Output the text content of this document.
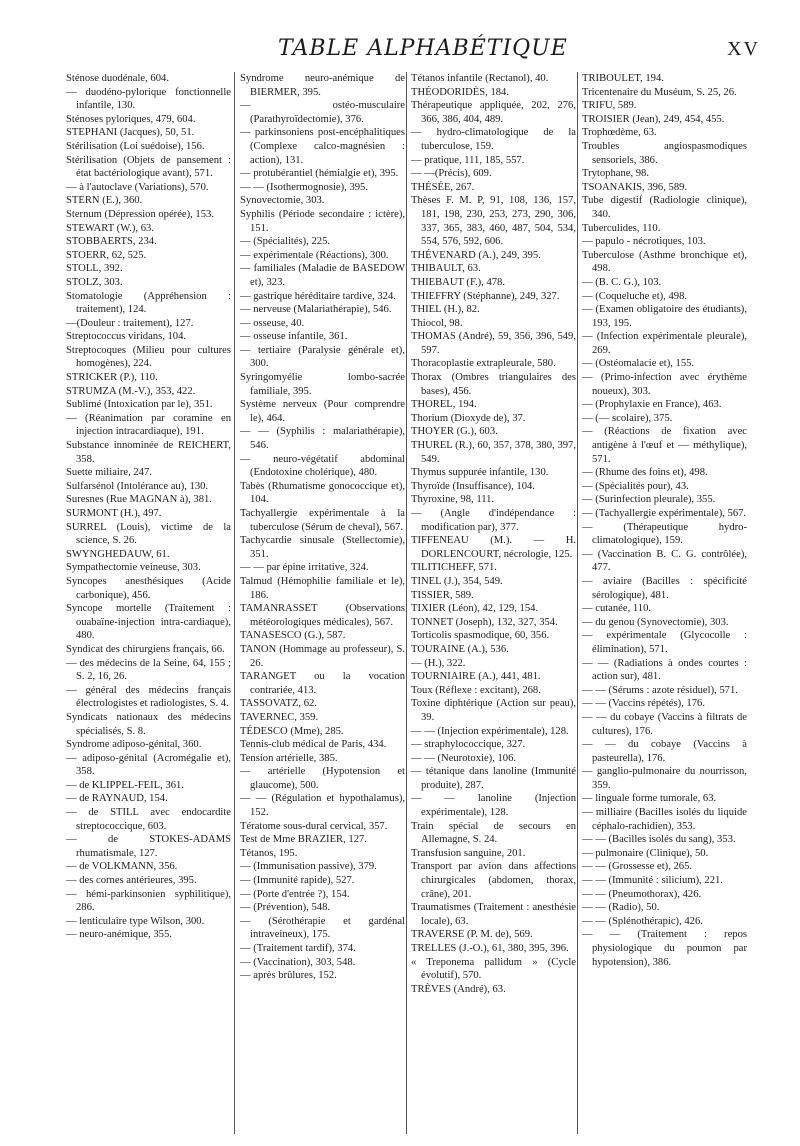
TABLE ALPHABÉTIQUE	XV

Sténose duodénale, 604.

— duodéno-pylorique fonctionnelle infantile, 130.

Sténoses pyloriques, 479, 604.

STEPHANI (Jacques), 50, 51.

Stérilisation (Loi suédoise), 156.

Stérilisation (Objets de pansement : état bactériologique avant), 571.

— à l'autoclave (Variations), 570.

STERN (E.), 360.

Sternum (Dépression opérée), 153.

STEWART (W.), 63.

STOBBAERTS, 234.

STOERR, 62, 525.

STOLL, 392.

STOLZ, 303.

Stomatologie (Appréhension : traitement), 124.

—(Douleur : traitement), 127.

Streptococcus viridans, 104.

Streptocoques (Milieu pour cultures homogènes), 224.

STRICKER (P.), 110.

STRUMZA (M.-V.), 353, 422.

Sublimé (Intoxication par le), 351.

— (Réanimation par coramine en injection intracardiaque), 191.

Substance innominée de REICHERT, 358.

Suette miliaire, 247.

Sulfarsénol (Intolérance au), 130.

Suresnes (Rue MAGNAN à), 381.

SURMONT (H.), 497.

SURREL (Louis), victime de la science, S. 26.

SWYNGHEDAUW, 61.

Sympathectomie veineuse, 303.

Syncopes anesthésiques (Acide carbonique), 456.

Syncope mortelle (Traitement : ouabaïne-injection intra-cardiaque), 480.

Syndicat des chirurgiens français, 66.

— des médecins de la Seine, 64, 155 ; S. 2, 16, 26.

— général des médecins français électrologistes et radiologistes, S. 4.

Syndicats nationaux des médecins spécialisés, S. 8.

Syndrome adiposo-génital, 360.

— adiposo-génital (Acromégalie et), 358.

— de KLIPPEL-FEIL, 361.

— de RAYNAUD, 154.

— de STILL avec endocardite streptococcique, 603.

— de STOKES-ADAMS rhumatismale, 127.

— de VOLKMANN, 356.

— des cornes antérieures, 395.

— hémi-parkinsonien syphilitique), 286.

— lenticulaire type Wilson, 300.

— neuro-anémique, 355.

Syndrome neuro-anémique de BIERMER, 395.

— ostéo-musculaire (Parathyroïdectomie), 376.

— parkinsoniens post-encéphalitiques (Complexe calco-magnésien : action), 131.

— protubérantiel (hémialgie et), 395.

— — (Isothermognosie), 395.

Synovectomie, 303.

Syphilis (Période secondaire : ictère), 151.

— (Spécialités), 225.

— expérimentale (Réactions), 300.

— familiales (Maladie de BASEDOW et), 323.

— gastrique héréditaire tardive, 324.

— nerveuse (Malariathérapie), 546.

— osseuse, 40.

— osseuse infantile, 361.

— tertiaire (Paralysie générale et), 300.

Syringomyélie lombo-sacrée familiale, 395.

Système nerveux (Pour comprendre le), 464.

— — (Syphilis : malariathérapie), 546.

— neuro-végétatif abdominal (Endotoxine cholérique), 480.

Tabès (Rhumatisme gonococcique et), 104.

Tachyallergie expérimentale à la tuberculose (Sérum de cheval), 567.

Tachycardie sinusale (Stellectomie), 351.

— — par épine irritative, 324.

Talmud (Hémophilie familiale et le), 186.

TAMANRASSET (Observations météorologiques médicales), 567.

TANASESCO (G.), 587.

TANON (Hommage au professeur), S. 26.

TARANGET ou la vocation contrariée, 413.

TASSOVATZ, 62.

TAVERNEC, 359.

TÉDESCO (Mme), 285.

Tennis-club médical de Paris, 434.

Tension artérielle, 385.

— artérielle (Hypotension et glaucome), 500.

— — (Régulation et hypothalamus), 152.

Tératome sous-dural cervical, 357.

Test de Mme BRAZIER, 127.

Tétanos, 195.

— (Immunisation passive), 379.

— (Immunité rapide), 527.

— (Porte d'entrée ?), 154.

— (Prévention), 548.

— (Sérothérapie et gardénal intraveineux), 175.

— (Traitement tardif), 374.

— (Vaccination), 303, 548.

— après brûlures, 152.

Tétanos infantile (Rectanol), 40.

THÉODORIDÈS, 184.

Thérapeutique appliquée, 202, 276, 366, 386, 404, 489.

— hydro-climatologique de la tuberculose, 159.

— pratique, 111, 185, 557.

— —(Précis), 609.

THÉSÉE, 267.

Thèses F. M. P, 91, 108, 136, 157, 181, 198, 230, 253, 273, 290, 306, 337, 365, 383, 460, 487, 504, 534, 554, 576, 592, 606.

THÉVENARD (A.), 249, 395.

THIBAULT, 63.

THIEBAUT (F.), 478.

THIEFFRY (Stéphanne), 249, 327.

THIEL (H.), 82.

Thiocol, 98.

THOMAS (André), 59, 356, 396, 549, 597.

Thoracoplastie extrapleurale, 580.

Thorax (Ombres triangulaires des bases), 456.

THOREL, 194.

Thorium (Dioxyde de), 37.

THOYER (G.), 603.

THUREL (R.), 60, 357, 378, 380, 397, 549.

Thymus suppurée infantile, 130.

Thyroïde (Insuffisance), 104.

Thyroxine, 98, 111.

— (Angle d'indépendance : modification par), 377.

TIFFENEAU (M.). — H. DORLENCOURT, nécrologie, 125.

TILITICHEFF, 571.

TINEL (J.), 354, 549.

TISSIER, 589.

TIXIER (Léon), 42, 129, 154.

TONNET (Joseph), 132, 327, 354.

Torticolis spasmodique, 60, 356.

TOURAINE (A.), 536.

— (H.), 322.

TOURNIAIRE (A.), 441, 481.

Toux (Réflexe : excitant), 268.

Toxine diphtérique (Action sur peau), 39.

— — (Injection expérimentale), 128.

— straphylococcique, 327.

— — (Neurotoxie), 106.

— tétanique dans lanoline (Immunité produite), 287.

— — lanoline (Injection expérimentale), 128.

Train spécial de secours en Allemagne, S. 24.

Transfusion sanguine, 201.

Transport par avion dans affections chirurgicales (abdomen, thorax, crâne), 201.

Traumatismes (Traitement : anesthésie locale), 63.

TRAVERSE (P. M. de), 569.

TRELLES (J.-O.), 61, 380, 395, 396.

« Treponema pallidum » (Cycle évolutif), 570.

TRÈVES (André), 63.

TRIBOULET, 194.

Tricentenaire du Muséum, S. 25, 26.

TRIFU, 589.

TROISIER (Jean), 249, 454, 455.

Trophœdème, 63.

Troubles angiospasmodiques sensoriels, 386.

Trytophane, 98.

TSOANAKIS, 396, 589.

Tube digestif (Radiologie clinique), 340.

Tuberculides, 110.

— papulo - nécrotiques, 103.

Tuberculose (Asthme bronchique et), 498.

— (B. C. G.), 103.

— (Coqueluche et), 498.

— (Examen obligatoire des étudiants), 193, 195.

— (Infection expérimentale pleurale), 269.

— (Ostéomalacie et), 155.

— (Primo-infection avec érythème noueux), 303.

— (Prophylaxie en France), 463.

— (— scolaire), 375.

— (Réactions de fixation avec antigène à l'œuf et — méthylique), 571.

— (Rhume des foins et), 498.

— (Spécialités pour), 43.

— (Surinfection pleurale), 355.

— (Tachyallergie expérimentale), 567.

— (Thérapeutique hydro-climatologique), 159.

— (Vaccination B. C. G. contrôlée), 477.

— aviaire (Bacilles : spécificité sérologique), 481.

— cutanée, 110.

— du genou (Synovectomie), 303.

— expérimentale (Glycocolle : élimination), 571.

— — (Radiations à ondes courtes : action sur), 481.

— — (Sérums : azote résiduel), 571.

— — (Vaccins répétés), 176.

— — du cobaye (Vaccins à filtrats de cultures), 176.

— — du cobaye (Vaccins à pasteurella), 176.

— ganglio-pulmonaire du nourrisson, 359.

— linguale forme tumorale, 63.

— milliaire (Bacilles isolés du liquide céphalo-rachidien), 353.

— — (Bacilles isolés du sang), 353.

— pulmonaire (Clinique), 50.

— — (Grossesse et), 265.

— — (Immunité : silicium), 221.

— — (Pneumothorax), 426.

— — (Radio), 50.

— — (Splénothérapic), 426.

— — (Traitement : repos physiologique du poumon par hypotension), 386.
